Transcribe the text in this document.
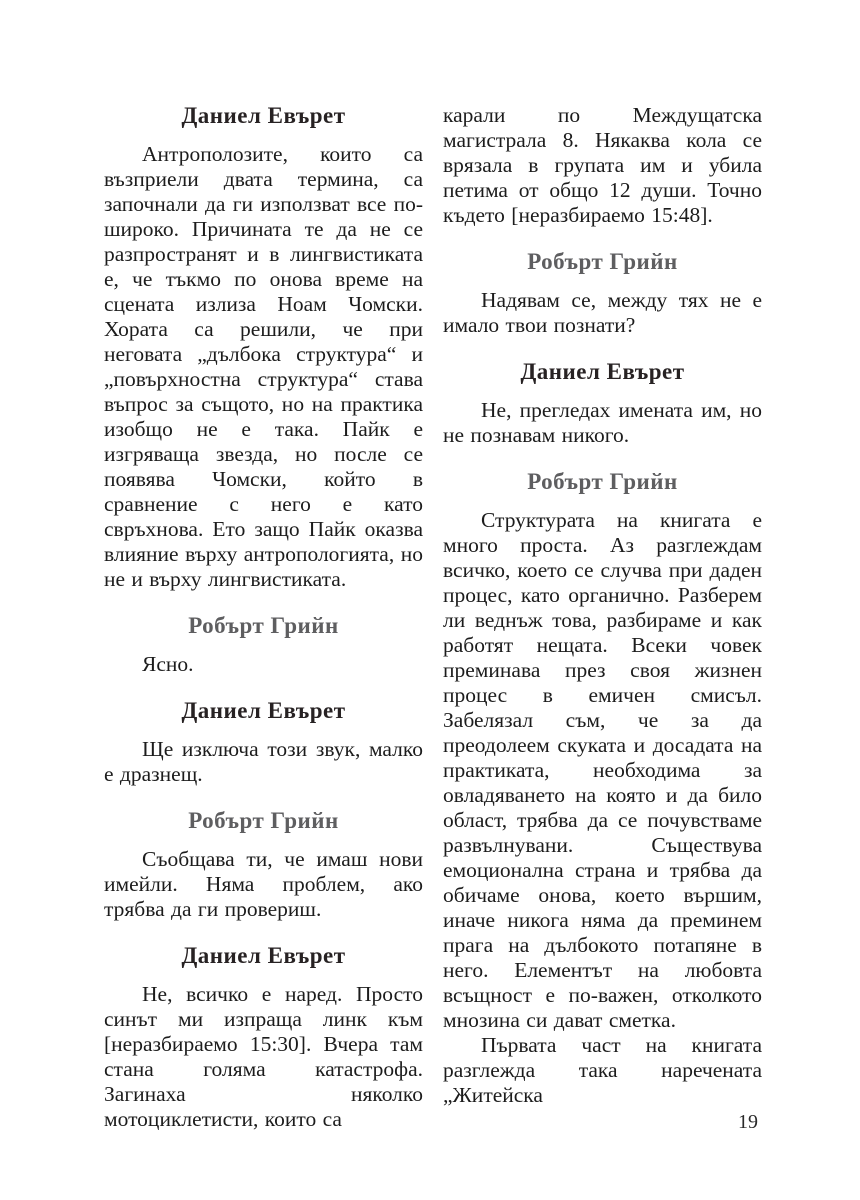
Даниел Евърет

Антрополозите, които са възприели двата термина, са започнали да ги използват все по-широко. Причината те да не се разпространят и в лингвистиката е, че тъкмо по онова време на сцената излиза Ноам Чомски. Хората са решили, че при неговата „дълбока структура“ и „повърхностна структура“ става въпрос за същото, но на практика изобщо не е така. Пайк е изгряваща звезда, но после се появява Чомски, който в сравнение с него е като свръхнова. Ето защо Пайк оказва влияние върху антропологията, но не и върху лингвистиката.

Робърт Грийн

Ясно.

Даниел Евърет

Ще изключа този звук, малко е дразнещ.

Робърт Грийн

Съобщава ти, че имаш нови имейли. Няма проблем, ако трябва да ги провериш.

Даниел Евърет

Не, всичко е наред. Просто синът ми изпраща линк към [неразбираемо 15:30]. Вчера там стана голяма катастрофа. Загинаха няколко мотоциклетисти, които са

карали по Междущатска магистрала 8. Някаква кола се врязала в групата им и убила петима от общо 12 души. Точно където [неразбираемо 15:48].

Робърт Грийн

Надявам се, между тях не е имало твои познати?

Даниел Евърет

Не, прегледах имената им, но не познавам никого.

Робърт Грийн

Структурата на книгата е много проста. Аз разглеждам всичко, което се случва при даден процес, като органично. Разберем ли веднъж това, разбираме и как работят нещата. Всеки човек преминава през своя жизнен процес в емичен смисъл. Забелязал съм, че за да преодолеем скуката и досадата на практиката, необходима за овладяването на която и да било област, трябва да се почувстваме развълнувани. Съществува емоционална страна и трябва да обичаме онова, което вършим, иначе никога няма да преминем прага на дълбокото потапяне в него. Елементът на любовта всъщност е по-важен, отколкото мнозина си дават сметка.

Първата част на книгата разглежда така наречената „Житейска

19
